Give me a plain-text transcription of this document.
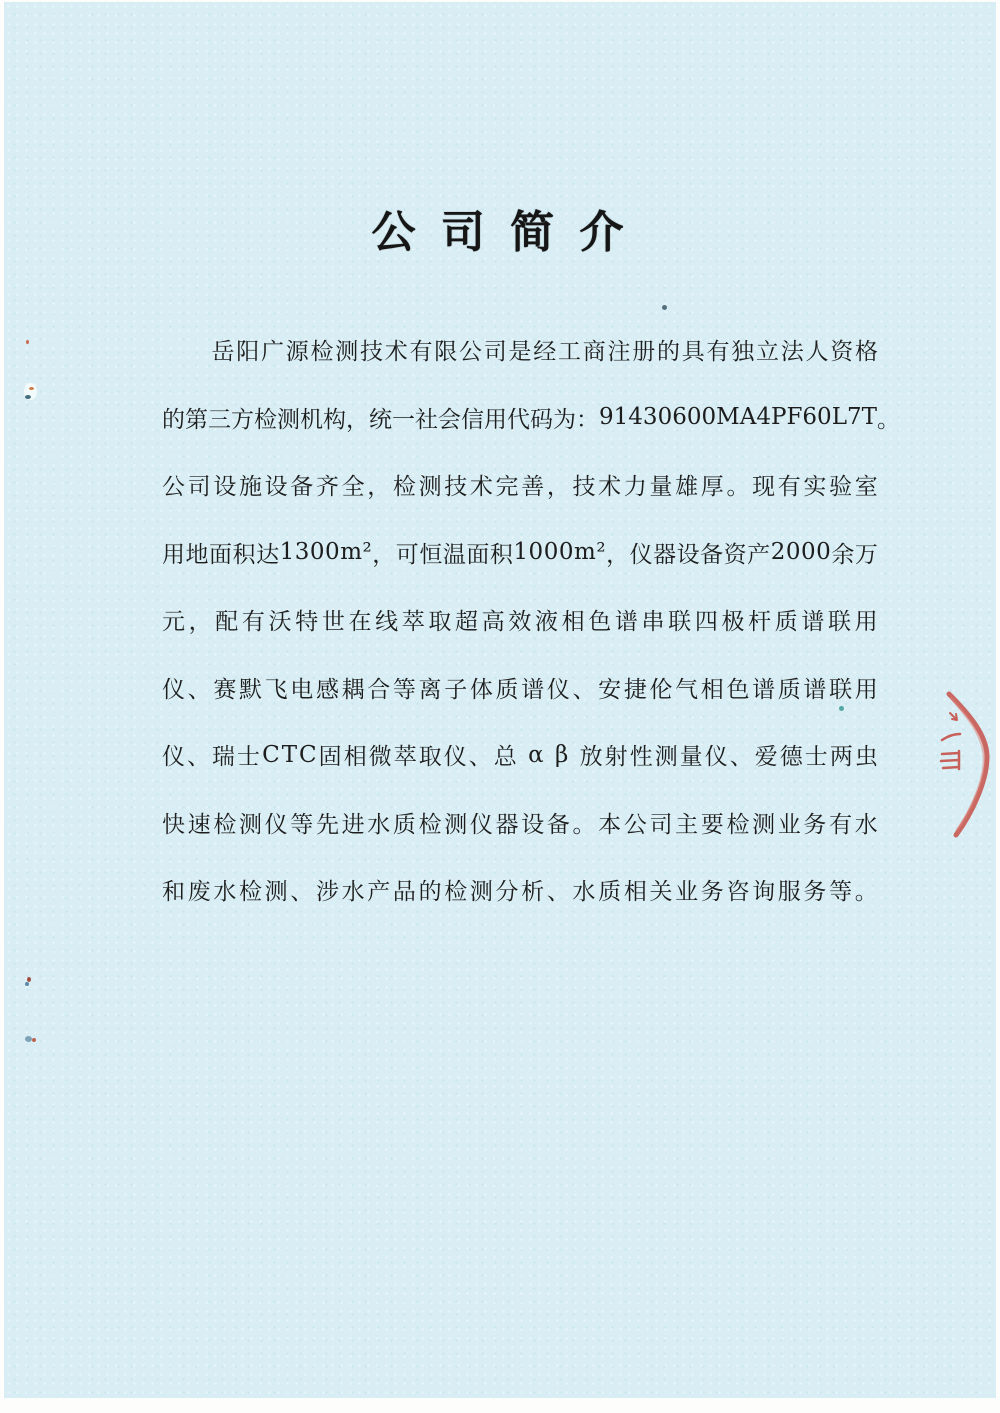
公 司 简 介

岳 阳 广 源 检 测 技 术 有 限 公 司 是 经 工 商 注 册 的 具 有 独 立 法 人 资 格
的 第 三 方 检 测 机 构 ， 统 一 社 会 信 用 代 码 为 ： 9 1 4 3 0 6 0 0 M A 4 P F 6 0 L 7 T 。
公 司 设 施 设 备 齐 全 ， 检 测 技 术 完 善 ， 技 术 力 量 雄 厚 。 现 有 实 验 室
用 地 面 积 达 1 3 0 0 m ² ， 可 恒 温 面 积 1 0 0 0 m ² ， 仪 器 设 备 资 产 2 0 0 0 余 万
元 ， 配 有 沃 特 世 在 线 萃 取 超 高 效 液 相 色 谱 串 联 四 极 杆 质 谱 联 用
仪 、 赛 默 飞 电 感 耦 合 等 离 子 体 质 谱 仪 、 安 捷 伦 气 相 色 谱 质 谱 联 用
仪 、 瑞 士 C T C 固 相 微 萃 取 仪 、 总
α
β
放 射 性 测 量 仪 、 爱 德 士 两 虫
快 速 检 测 仪 等 先 进 水 质 检 测 仪 器 设 备 。 本 公 司 主 要 检 测 业 务 有 水
和 废 水 检 测 、 涉 水 产 品 的 检 测 分 析 、 水 质 相 关 业 务 咨 询 服 务 等 。
